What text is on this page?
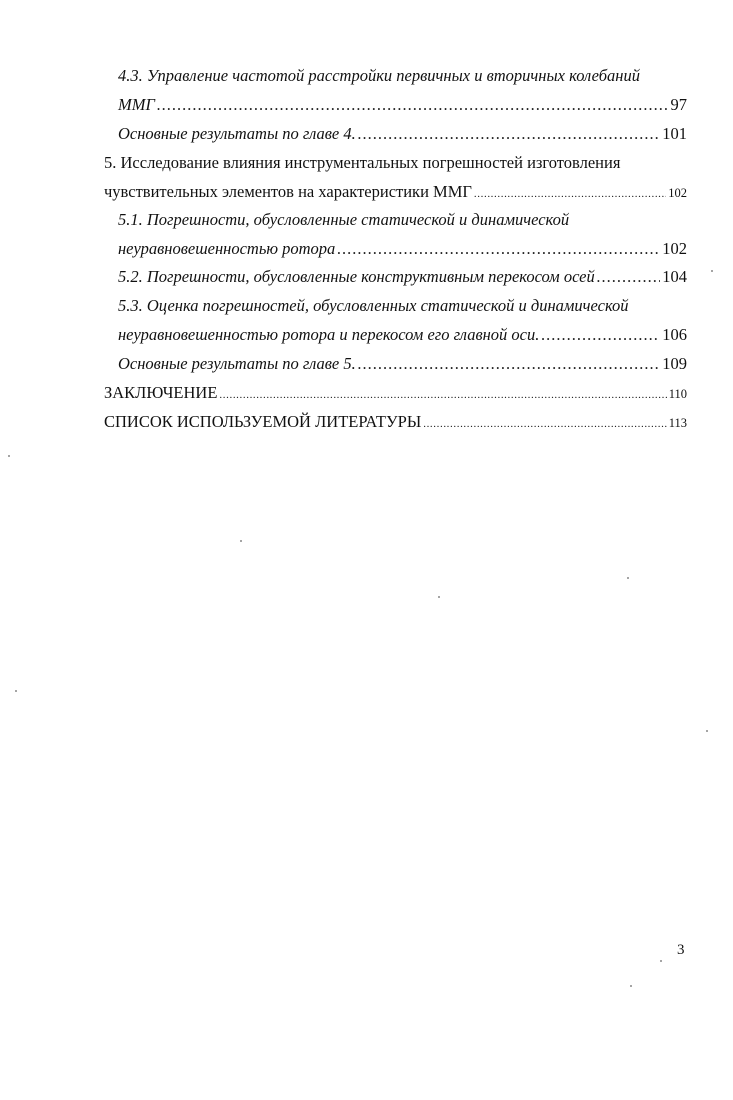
4.3. Управление частотой расстройки первичных и вторичных колебаний
ММГ .....	97
Основные результаты по главе 4. .....	101
5. Исследование влияния инструментальных погрешностей изготовления
чувствительных элементов на характеристики ММГ .....	102
5.1. Погрешности, обусловленные статической и динамической
неуравновешенностью ротора .....	102
5.2. Погрешности, обусловленные конструктивным перекосом осей .....	104
5.3. Оценка погрешностей, обусловленных статической и динамической
неуравновешенностью ротора и перекосом его главной оси. .....	106
Основные результаты по главе 5. .....	109
ЗАКЛЮЧЕНИЕ .....	110
СПИСОК ИСПОЛЬЗУЕМОЙ ЛИТЕРАТУРЫ .....	113
3
